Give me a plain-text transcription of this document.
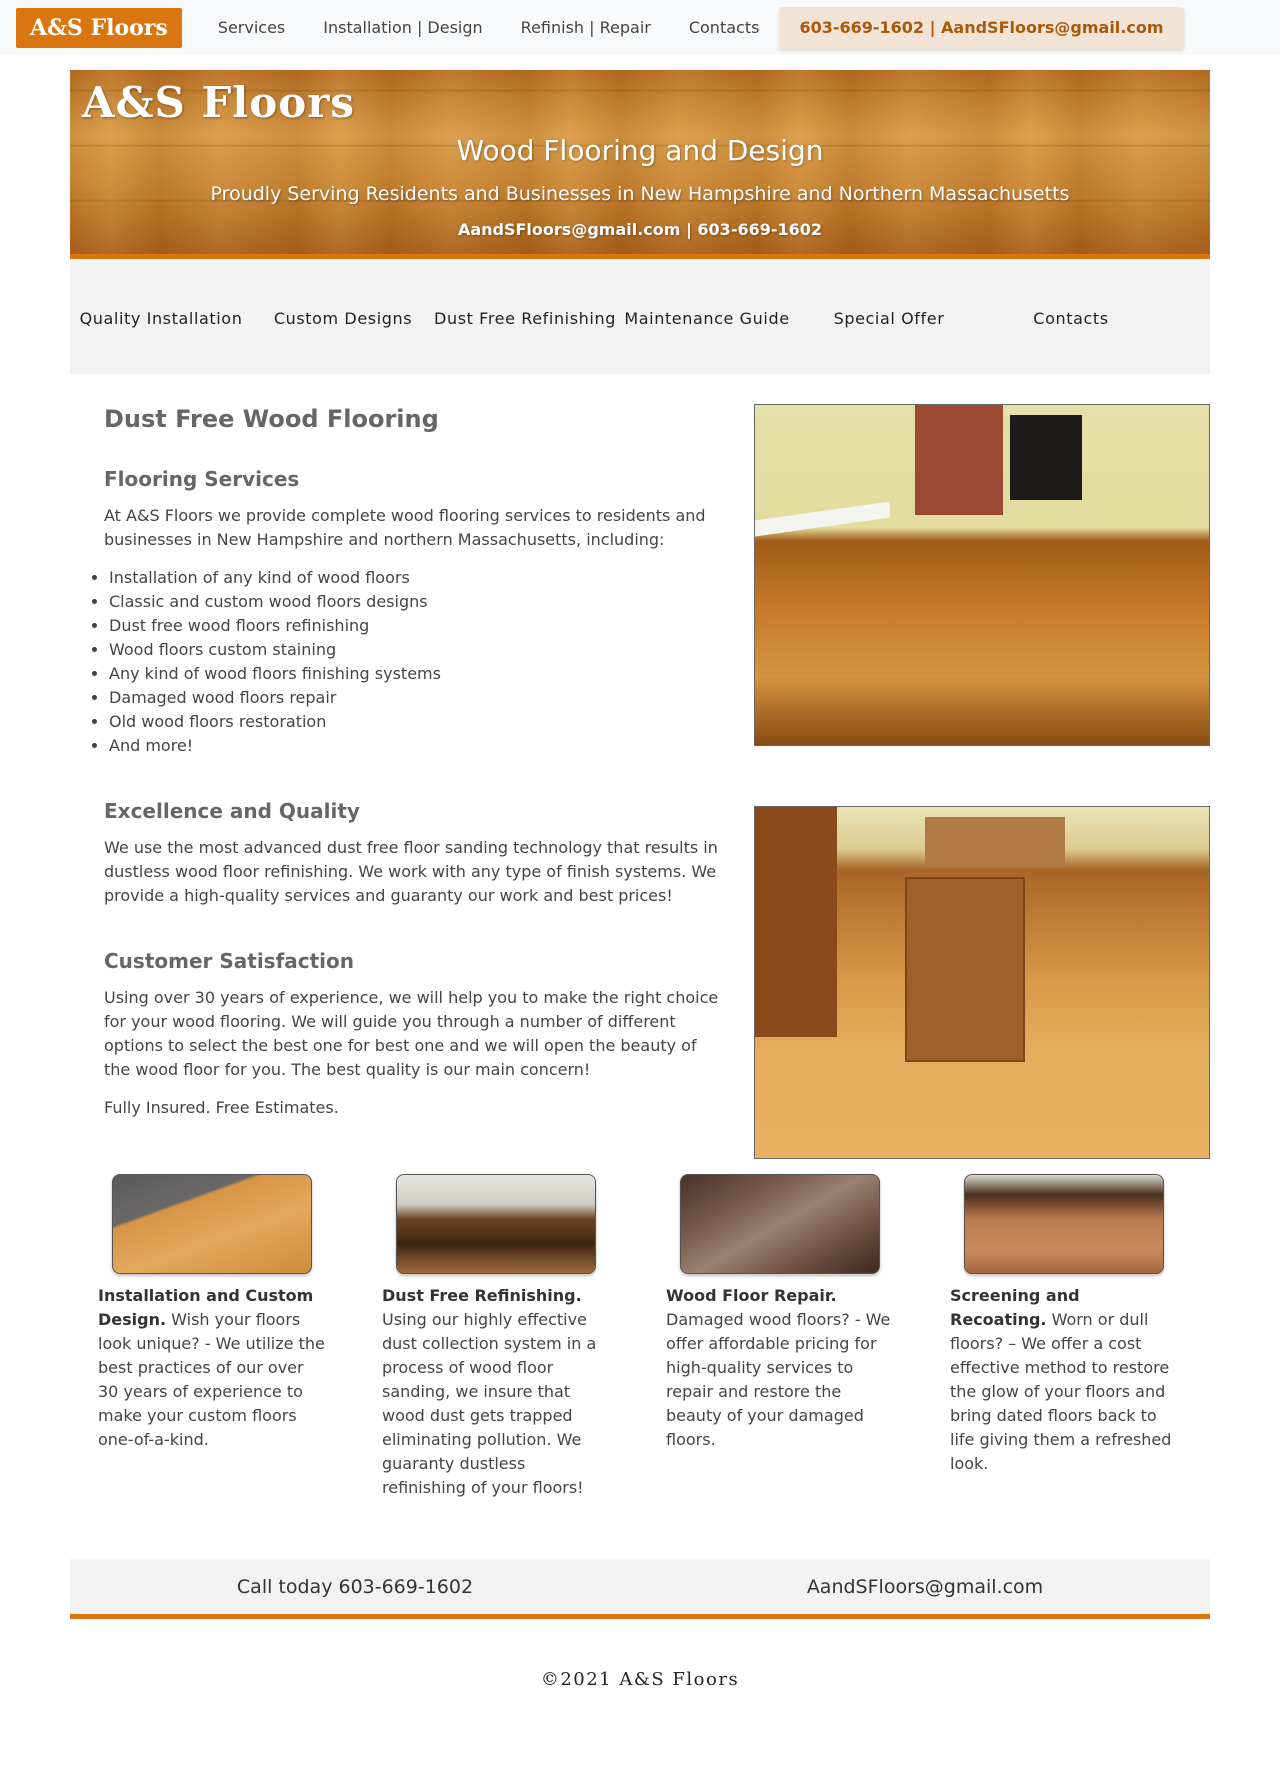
A&S Floors	Services Installation | Design Refinish | Repair Contacts	603-669-1602 | AandSFloors@gmail.com
A&S Floors
Wood Flooring and Design
Proudly Serving Residents and Businesses in New Hampshire and Northern Massachusetts
AandSFloors@gmail.com | 603-669-1602
Quality Installation	Custom Designs	Dust Free Refinishing Maintenance Guide	Special Offer	Contacts
Dust Free Wood Flooring
Flooring Services

At A&S Floors we provide complete wood flooring services to residents and businesses in New Hampshire and northern Massachusetts, including:

• Installation of any kind of wood floors
• Classic and custom wood floors designs
• Dust free wood floors refinishing
• Wood floors custom staining
• Any kind of wood floors finishing systems
• Damaged wood floors repair
• Old wood floors restoration
• And more!
Excellence and Quality

We use the most advanced dust free floor sanding technology that results in dustless wood floor refinishing. We work with any type of finish systems. We provide a high-quality services and guaranty our work and best prices!

Customer Satisfaction

Using over 30 years of experience, we will help you to make the right choice for your wood flooring. We will guide you through a number of different options to select the best one for best one and we will open the beauty of the wood floor for you. The best quality is our main concern!

Fully Insured. Free Estimates.

Installation and Custom Design. Wish your floors look unique? - We utilize the best practices of our over 30 years of experience to make your custom floors one-of-a-kind.
Dust Free Refinishing. Using our highly effective dust collection system in a process of wood floor sanding, we insure that wood dust gets trapped eliminating pollution. We guaranty dustless refinishing of your floors!
Wood Floor Repair. Damaged wood floors? - We offer affordable pricing for high-quality services to repair and restore the beauty of your damaged floors.
Screening and Recoating. Worn or dull floors? – We offer a cost effective method to restore the glow of your floors and bring dated floors back to life giving them a refreshed look.
Call today 603-669-1602	AandSFloors@gmail.com
©2021 A&S Floors
